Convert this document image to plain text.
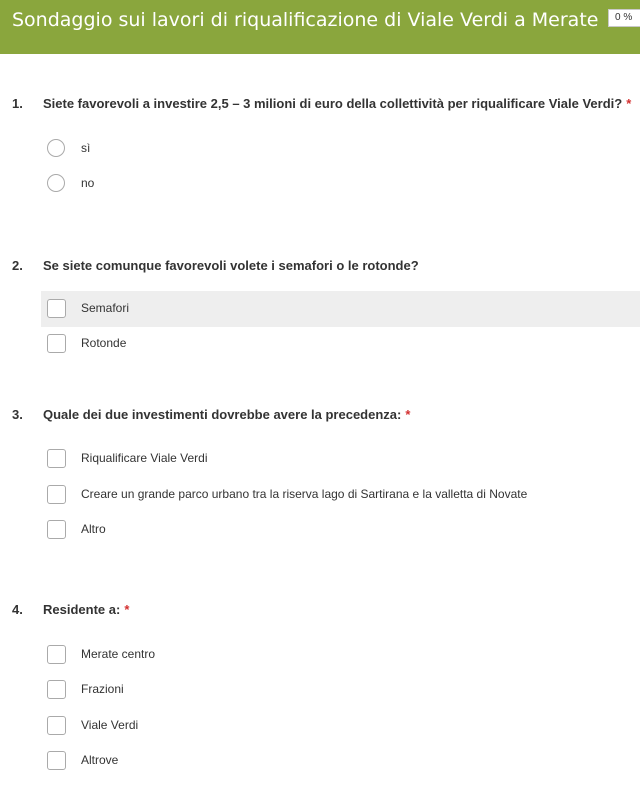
Sondaggio sui lavori di riqualificazione di Viale Verdi a Merate	0 %
1. Siete favorevoli a investire 2,5 – 3 milioni di euro della collettività per riqualificare Viale Verdi? *
sì
no
2. Se siete comunque favorevoli volete i semafori o le rotonde?
Semafori
Rotonde
3. Quale dei due investimenti dovrebbe avere la precedenza: *
Riqualificare Viale Verdi
Creare un grande parco urbano tra la riserva lago di Sartirana e la valletta di Novate
Altro
4. Residente a: *
Merate centro
Frazioni
Viale Verdi
Altrove
